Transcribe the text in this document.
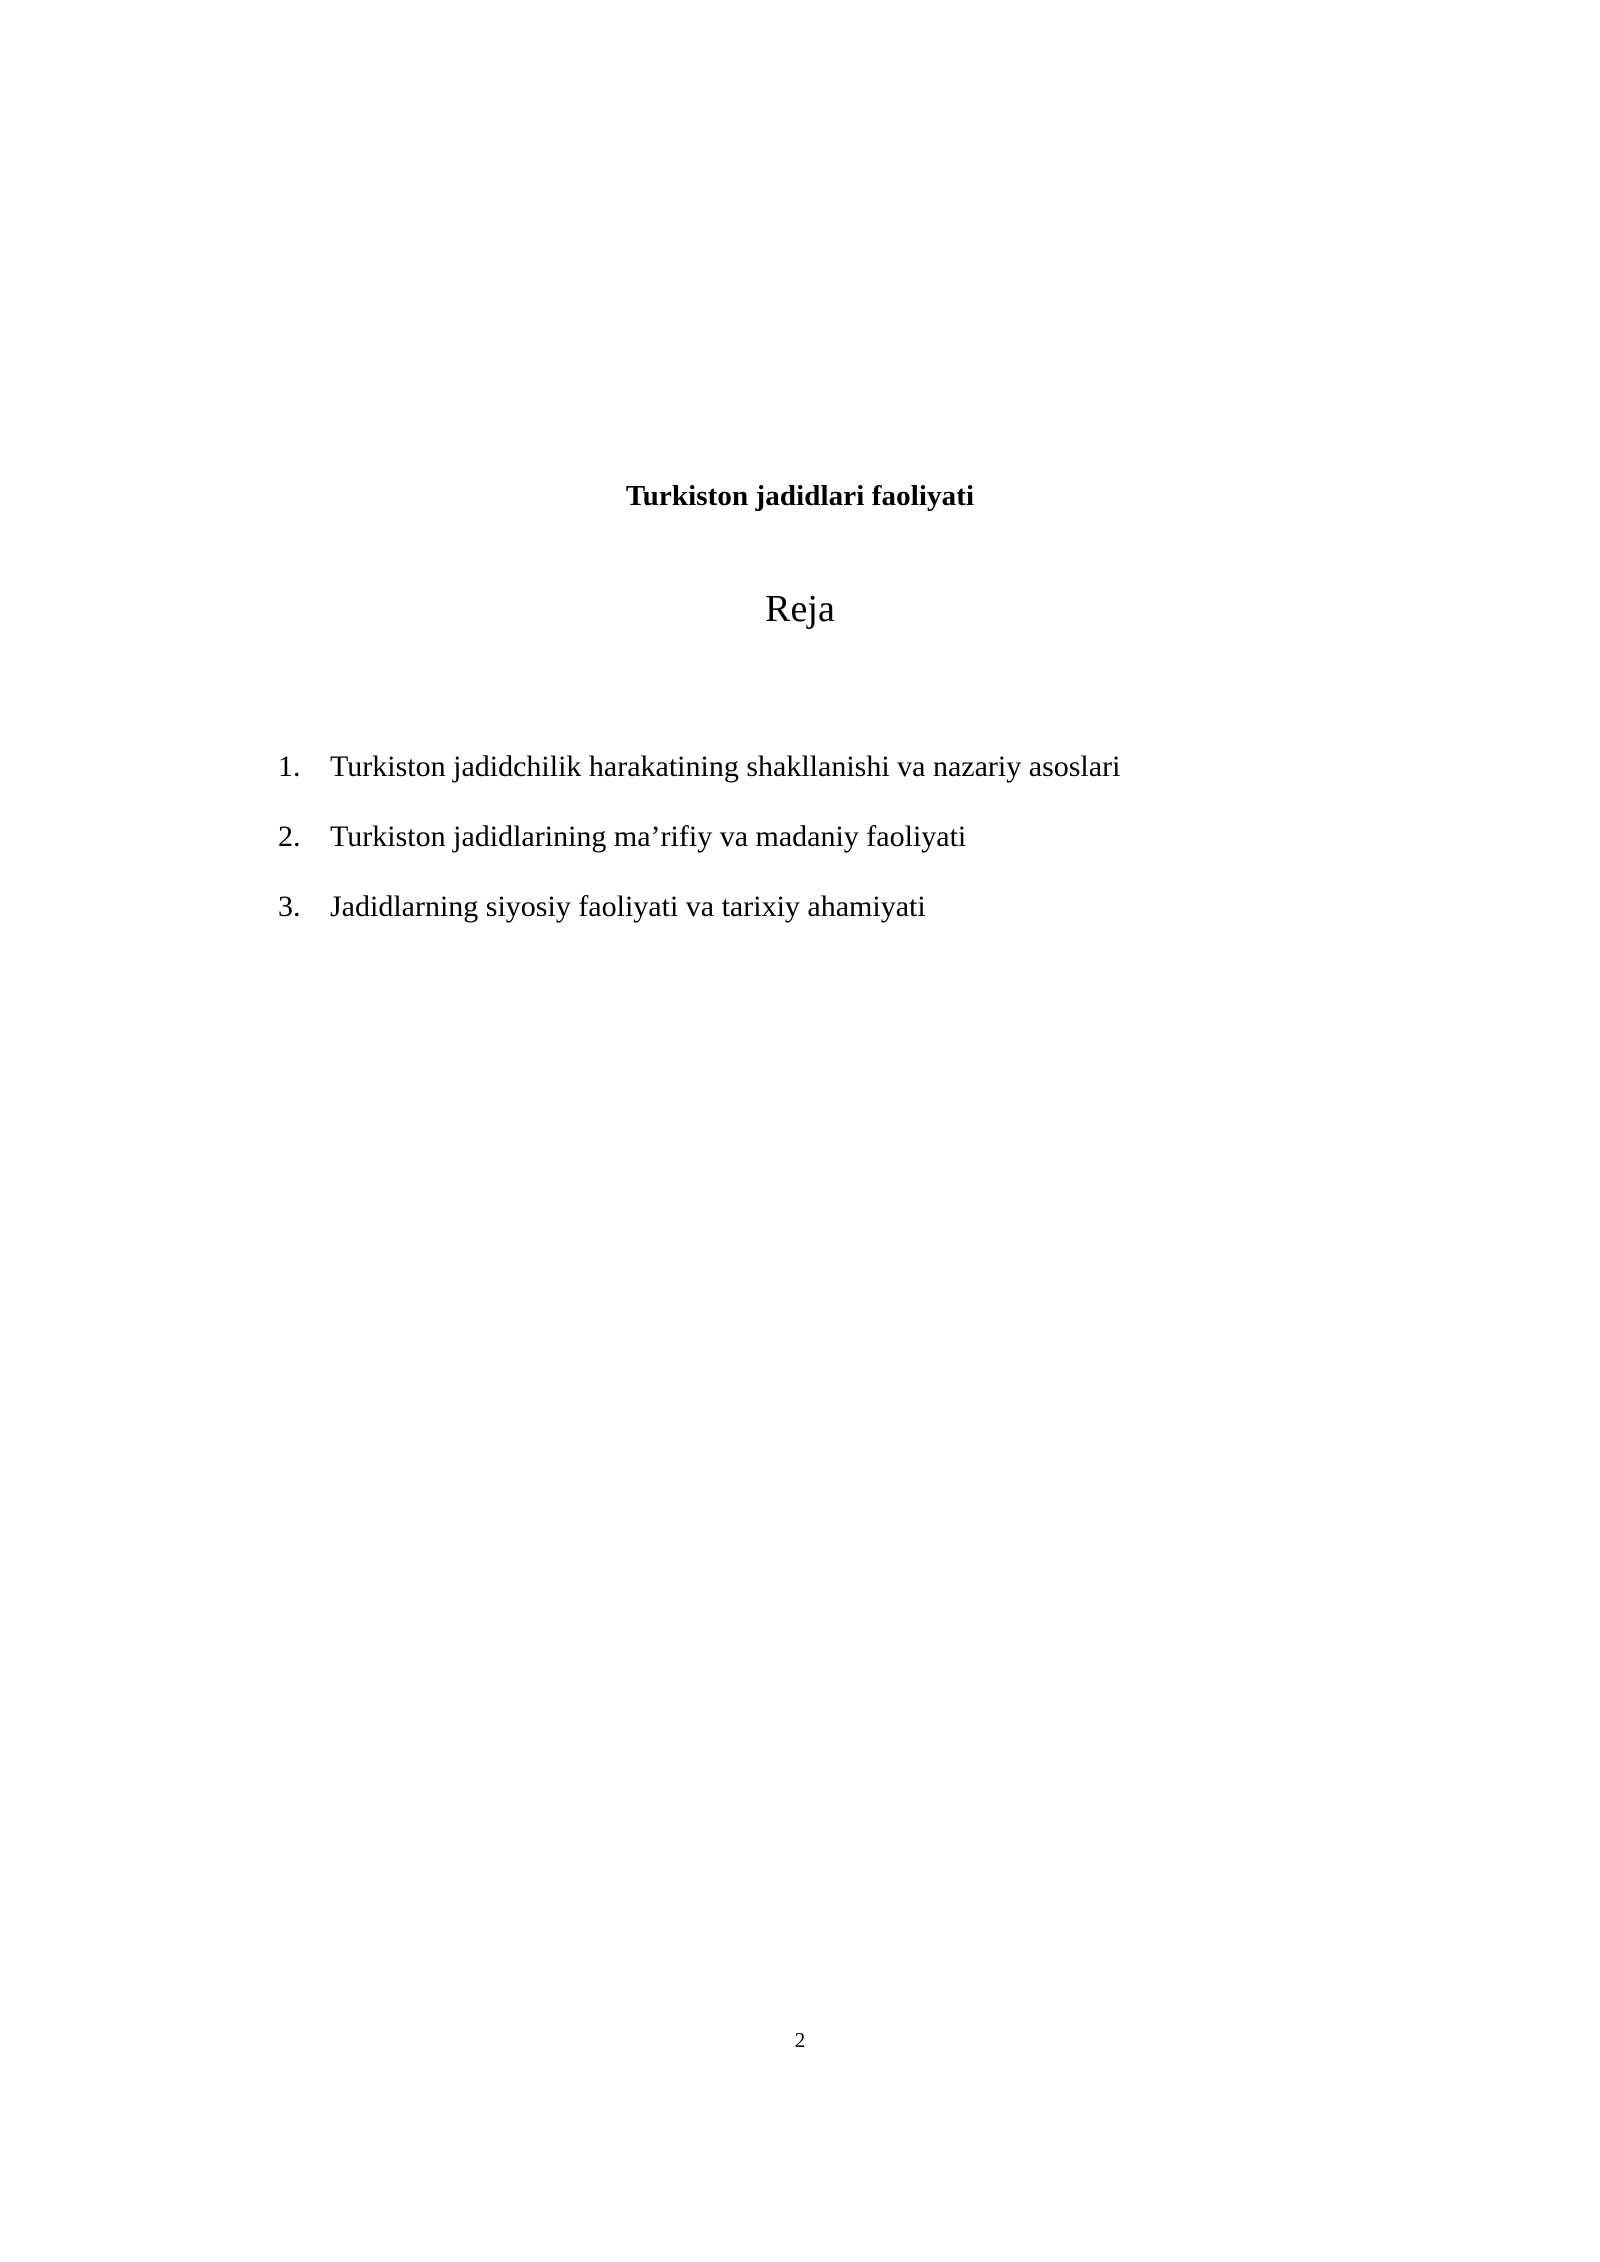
Turkiston jadidlari faoliyati
Reja
1. Turkiston jadidchilik harakatining shakllanishi va nazariy asoslari
2. Turkiston jadidlarining ma’rifiy va madaniy faoliyati
3. Jadidlarning siyosiy faoliyati va tarixiy ahamiyati
2
